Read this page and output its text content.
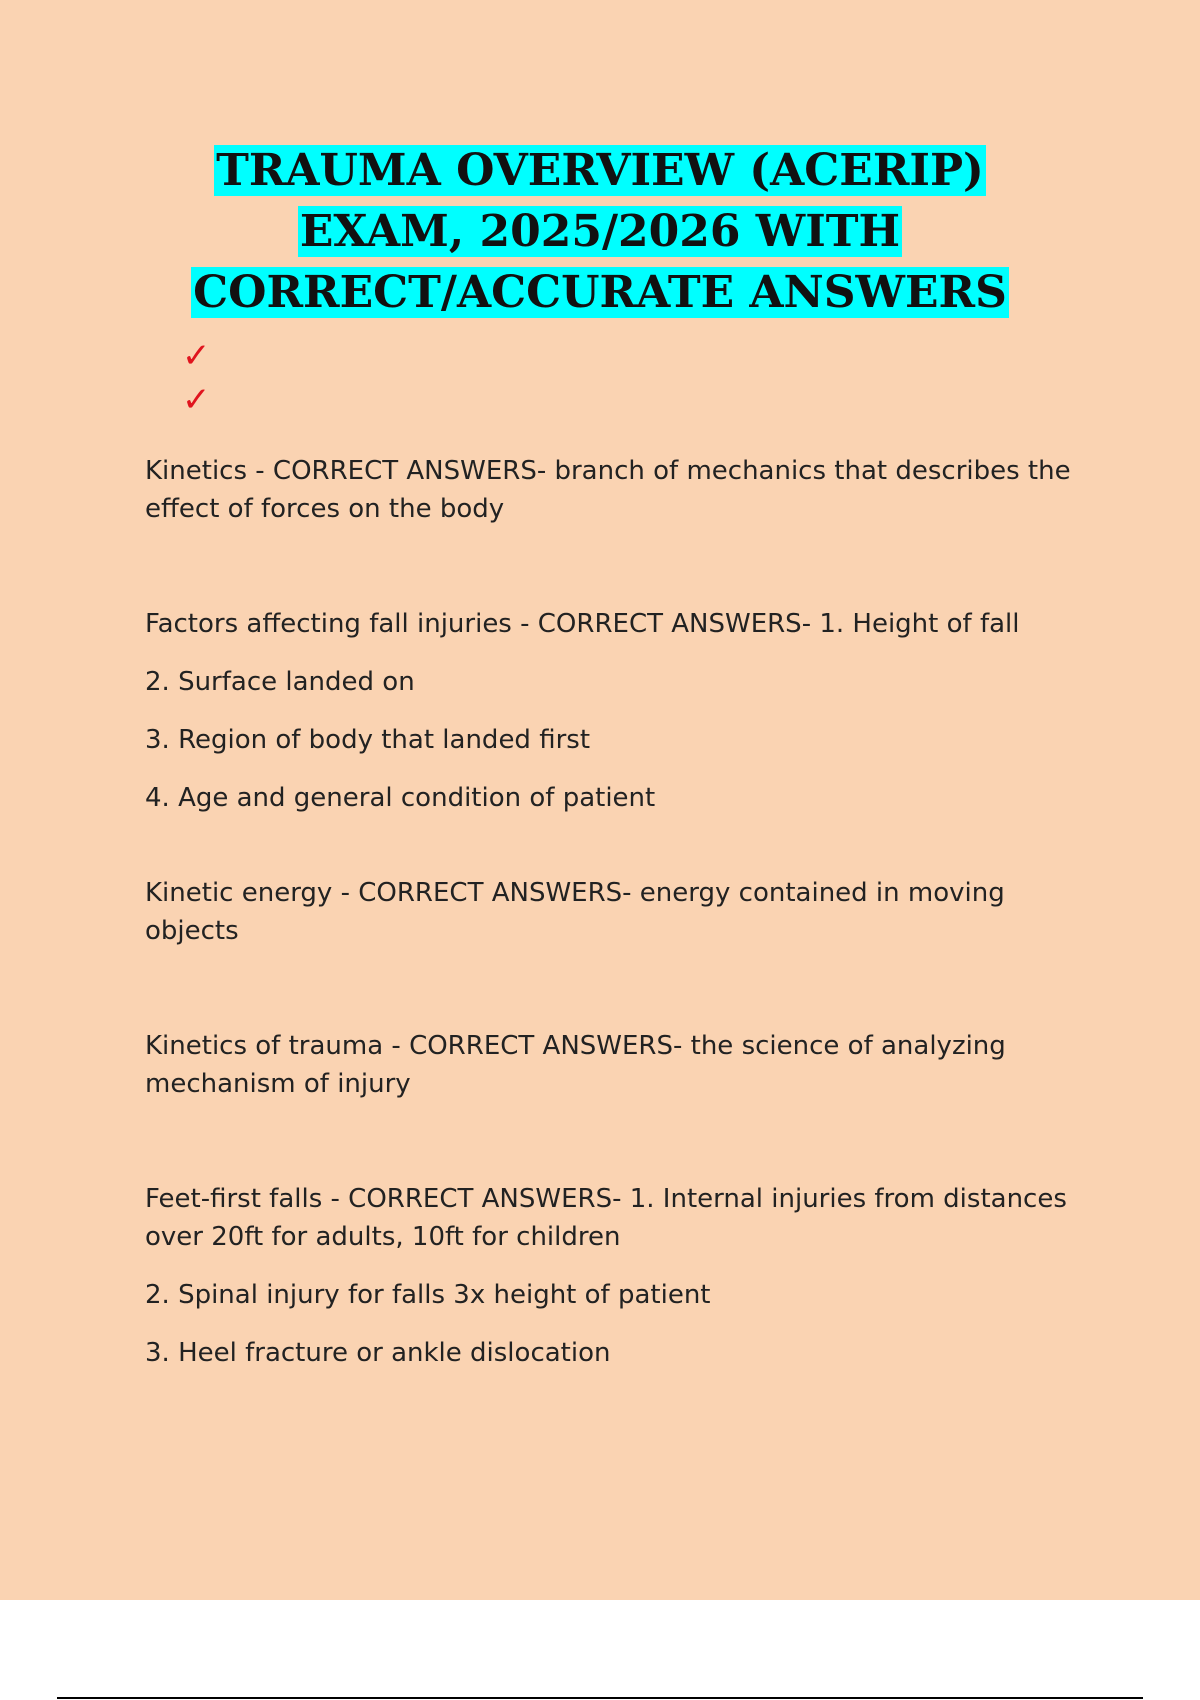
TRAUMA OVERVIEW (ACERIP)
EXAM, 2025/2026 WITH
CORRECT/ACCURATE ANSWERS
✓
✓

Kinetics - CORRECT ANSWERS- branch of mechanics that describes the effect of forces on the body

Factors affecting fall injuries - CORRECT ANSWERS- 1. Height of fall

2. Surface landed on

3. Region of body that landed first

4. Age and general condition of patient

Kinetic energy - CORRECT ANSWERS- energy contained in moving objects

Kinetics of trauma - CORRECT ANSWERS- the science of analyzing mechanism of injury

Feet-first falls - CORRECT ANSWERS- 1. Internal injuries from distances over 20ft for adults, 10ft for children

2. Spinal injury for falls 3x height of patient

3. Heel fracture or ankle dislocation
